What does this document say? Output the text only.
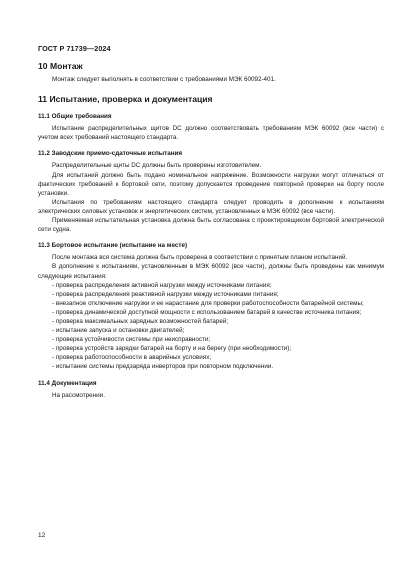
ГОСТ Р 71739—2024

10 Монтаж

Монтаж следует выполнять в соответствии с требованиями МЭК 60092-401.

11 Испытание, проверка и документация

11.1 Общие требования

Испытание распределительных щитов DC должно соответствовать требованиям МЭК 60092 (все части) с учетом всех требований настоящего стандарта.

11.2 Заводские приемо-сдаточные испытания

Распределительные щиты DC должны быть проверены изготовителем.

Для испытаний должно быть подано номинальное напряжение. Возможности нагрузки могут отличаться от фактических требований к бортовой сети, поэтому допускается проведение повторной проверки на борту после установки.

Испытания по требованиям настоящего стандарта следует проводить в дополнение к испытаниям электрических силовых установок и энергетических систем, установленных в МЭК 60092 (все части).

Применяемая испытательная установка должна быть согласована с проектировщиком бортовой электрической сети судна.

11.3 Бортовое испытание (испытание на месте)

После монтажа вся система должна быть проверена в соответствии с принятым планом испытаний.

В дополнение к испытаниям, установленным в МЭК 60092 (все части), должны быть проведены как минимум следующие испытания:

- проверка распределения активной нагрузки между источниками питания;

- проверка распределения реактивной нагрузки между источниками питания;

- внезапное отключение нагрузки и ее нарастание для проверки работоспособности батарейной системы;

- проверка динамической доступной мощности с использованием батарей в качестве источника питания;

- проверка максимальных зарядных возможностей батарей;

- испытание запуска и остановки двигателей;

- проверка устойчивости системы при неисправности;

- проверка устройств зарядки батарей на борту и на берегу (при необходимости);

- проверка работоспособности в аварийных условиях;

- испытание системы предзаряда инверторов при повторном подключении.

11.4 Документация

На рассмотрении.

12
